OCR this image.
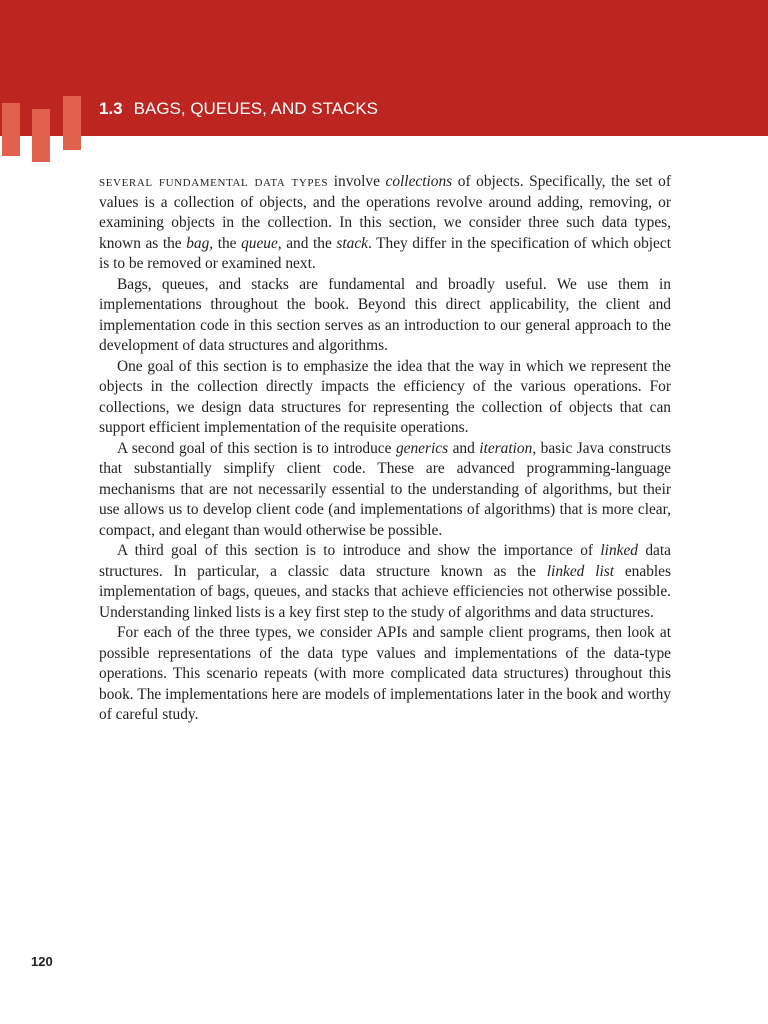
1.3 BAGS, QUEUES, AND STACKS

several fundamental data types involve collections of objects. Specifically, the set of values is a collection of objects, and the operations revolve around adding, removing, or examining objects in the collection. In this section, we consider three such data types, known as the bag, the queue, and the stack. They differ in the specification of which object is to be removed or examined next.

Bags, queues, and stacks are fundamental and broadly useful. We use them in implementations throughout the book. Beyond this direct applicability, the client and implementation code in this section serves as an introduction to our general approach to the development of data structures and algorithms.

One goal of this section is to emphasize the idea that the way in which we represent the objects in the collection directly impacts the efficiency of the various operations. For collections, we design data structures for representing the collection of objects that can support efficient implementation of the requisite operations.

A second goal of this section is to introduce generics and iteration, basic Java constructs that substantially simplify client code. These are advanced programming-language mechanisms that are not necessarily essential to the understanding of algorithms, but their use allows us to develop client code (and implementations of algorithms) that is more clear, compact, and elegant than would otherwise be possible.

A third goal of this section is to introduce and show the importance of linked data structures. In particular, a classic data structure known as the linked list enables implementation of bags, queues, and stacks that achieve efficiencies not otherwise possible. Understanding linked lists is a key first step to the study of algorithms and data structures.

For each of the three types, we consider APIs and sample client programs, then look at possible representations of the data type values and implementations of the data-type operations. This scenario repeats (with more complicated data structures) throughout this book. The implementations here are models of implementations later in the book and worthy of careful study.

120
